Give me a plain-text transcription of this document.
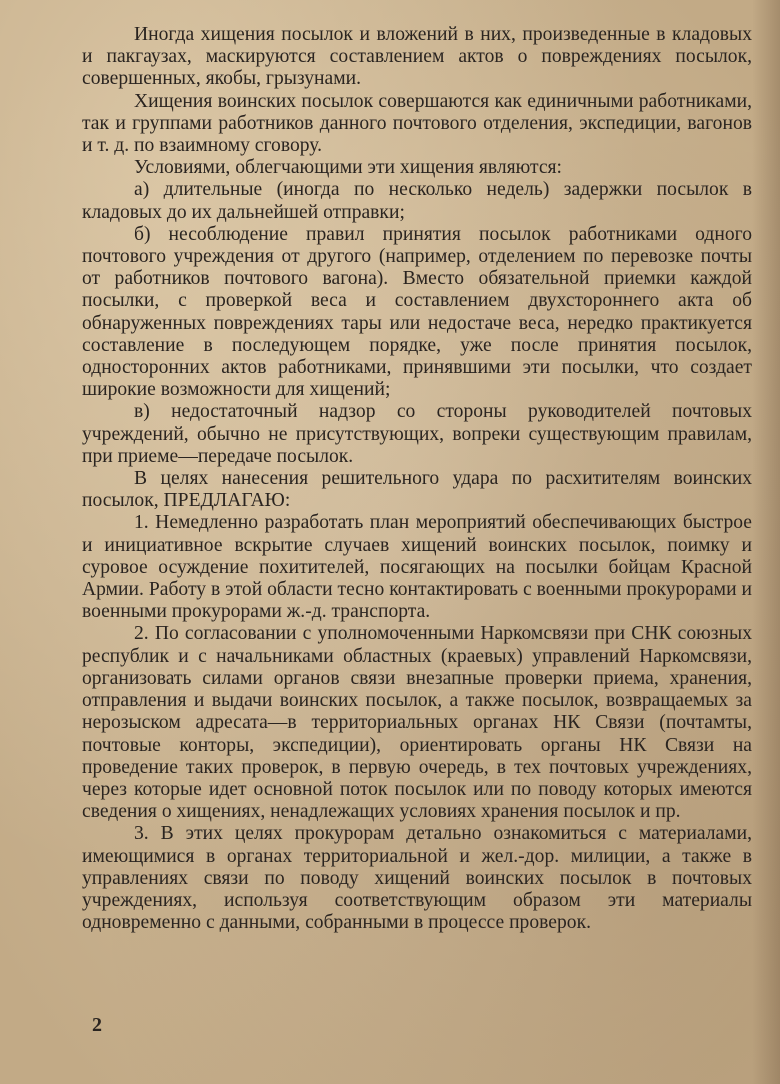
Иногда хищения посылок и вложений в них, произведенные в кладовых и пакгаузах, маскируются составлением актов о повреждениях посылок, совершенных, якобы, грызунами.

Хищения воинских посылок совершаются как единичными работниками, так и группами работников данного почтового отделения, экспедиции, вагонов и т. д. по взаимному сговору.

Условиями, облегчающими эти хищения являются:

а) длительные (иногда по несколько недель) задержки посылок в кладовых до их дальнейшей отправки;

б) несоблюдение правил принятия посылок работниками одного почтового учреждения от другого (например, отделением по перевозке почты от работников почтового вагона). Вместо обязательной приемки каждой посылки, с проверкой веса и составлением двухстороннего акта об обнаруженных повреждениях тары или недостаче веса, нередко практикуется составление в последующем порядке, уже после принятия посылок, односторонних актов работниками, принявшими эти посылки, что создает широкие возможности для хищений;

в) недостаточный надзор со стороны руководителей почтовых учреждений, обычно не присутствующих, вопреки существующим правилам, при приеме—передаче посылок.

В целях нанесения решительного удара по расхитителям воинских посылок, ПРЕДЛАГАЮ:

1. Немедленно разработать план мероприятий обеспечивающих быстрое и инициативное вскрытие случаев хищений воинских посылок, поимку и суровое осуждение похитителей, посягающих на посылки бойцам Красной Армии. Работу в этой области тесно контактировать с военными прокурорами и военными прокурорами ж.-д. транспорта.

2. По согласовании с уполномоченными Наркомсвязи при СНК союзных республик и с начальниками областных (краевых) управлений Наркомсвязи, организовать силами органов связи внезапные проверки приема, хранения, отправления и выдачи воинских посылок, а также посылок, возвращаемых за нерозыском адресата—в территориальных органах НК Связи (почтамты, почтовые конторы, экспедиции), ориентировать органы НК Связи на проведение таких проверок, в первую очередь, в тех почтовых учреждениях, через которые идет основной поток посылок или по поводу которых имеются сведения о хищениях, ненадлежащих условиях хранения посылок и пр.

3. В этих целях прокурорам детально ознакомиться с материалами, имеющимися в органах территориальной и жел.-дор. милиции, а также в управлениях связи по поводу хищений воинских посылок в почтовых учреждениях, используя соответствующим образом эти материалы одновременно с данными, собранными в процессе проверок.

2
